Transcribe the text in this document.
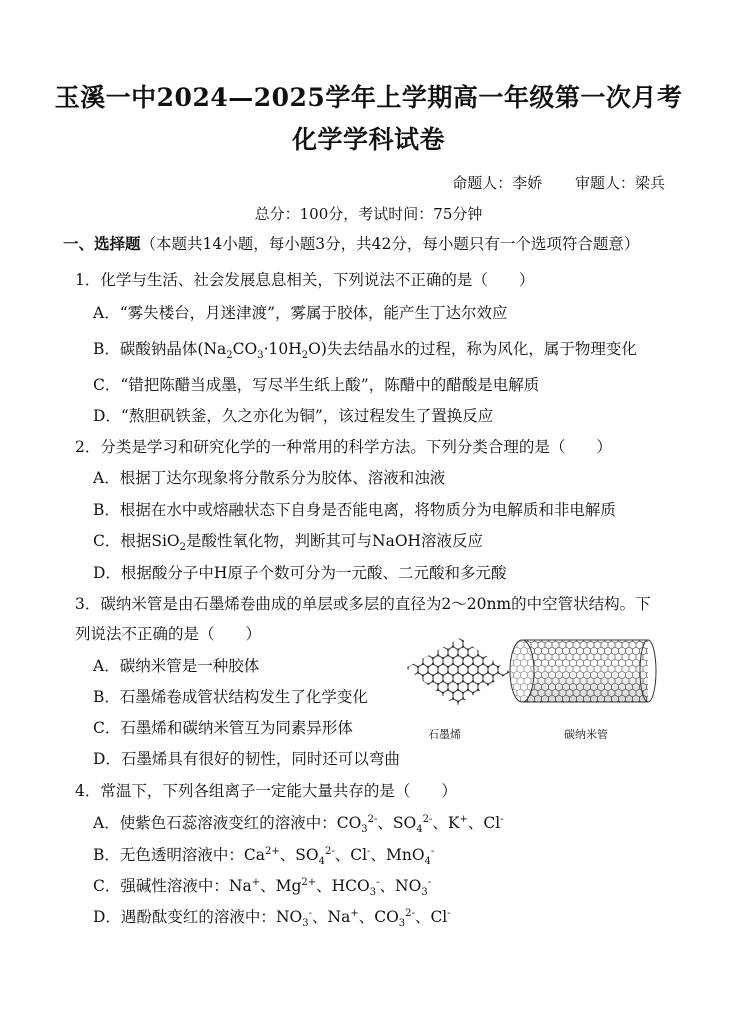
玉溪一中2024—2025学年上学期高一年级第一次月考
化学学科试卷
命题人：李娇 审题人：梁兵
总分：100分，考试时间：75分钟
一、选择题（本题共14小题，每小题3分，共42分，每小题只有一个选项符合题意）
1．化学与生活、社会发展息息相关，下列说法不正确的是（　　）
A．“雾失楼台，月迷津渡”，雾属于胶体，能产生丁达尔效应
B．碳酸钠晶体$(Na_2CO_3\cdot 10H_2O)$失去结晶水的过程，称为风化，属于物理变化
C．“错把陈醋当成墨，写尽半生纸上酸”，陈醋中的醋酸是电解质
D．“熬胆矾铁釜，久之亦化为铜”，该过程发生了置换反应
2．分类是学习和研究化学的一种常用的科学方法。下列分类合理的是（　　）
A．根据丁达尔现象将分散系分为胶体、溶液和浊液
B．根据在水中或熔融状态下自身是否能电离，将物质分为电解质和非电解质
C．根据SiO$_2$是酸性氧化物，判断其可与NaOH溶液反应
D．根据酸分子中H原子个数可分为一元酸、二元酸和多元酸
3．碳纳米管是由石墨烯卷曲成的单层或多层的直径为2～20nm的中空管状结构。下
列说法不正确的是（　　）
A．碳纳米管是一种胶体
B．石墨烯卷成管状结构发生了化学变化
C．石墨烯和碳纳米管互为同素异形体
D．石墨烯具有很好的韧性，同时还可以弯曲
石墨烯	碳纳米管
4．常温下，下列各组离子一定能大量共存的是（　　）
A．使紫色石蕊溶液变红的溶液中：$CO_3^{2-}$、$SO_4^{2-}$、K+、Cl-
B．无色透明溶液中：$Ca^{2+}$、$SO_4^{2-}$、Cl-、MnO$_4$-
C．强碱性溶液中：Na+、$Mg^{2+}$、$HCO_3^-$、$NO_3^-$
D．遇酚酞变红的溶液中：$NO_3^-$、Na+、$CO_3^{2-}$、Cl-
